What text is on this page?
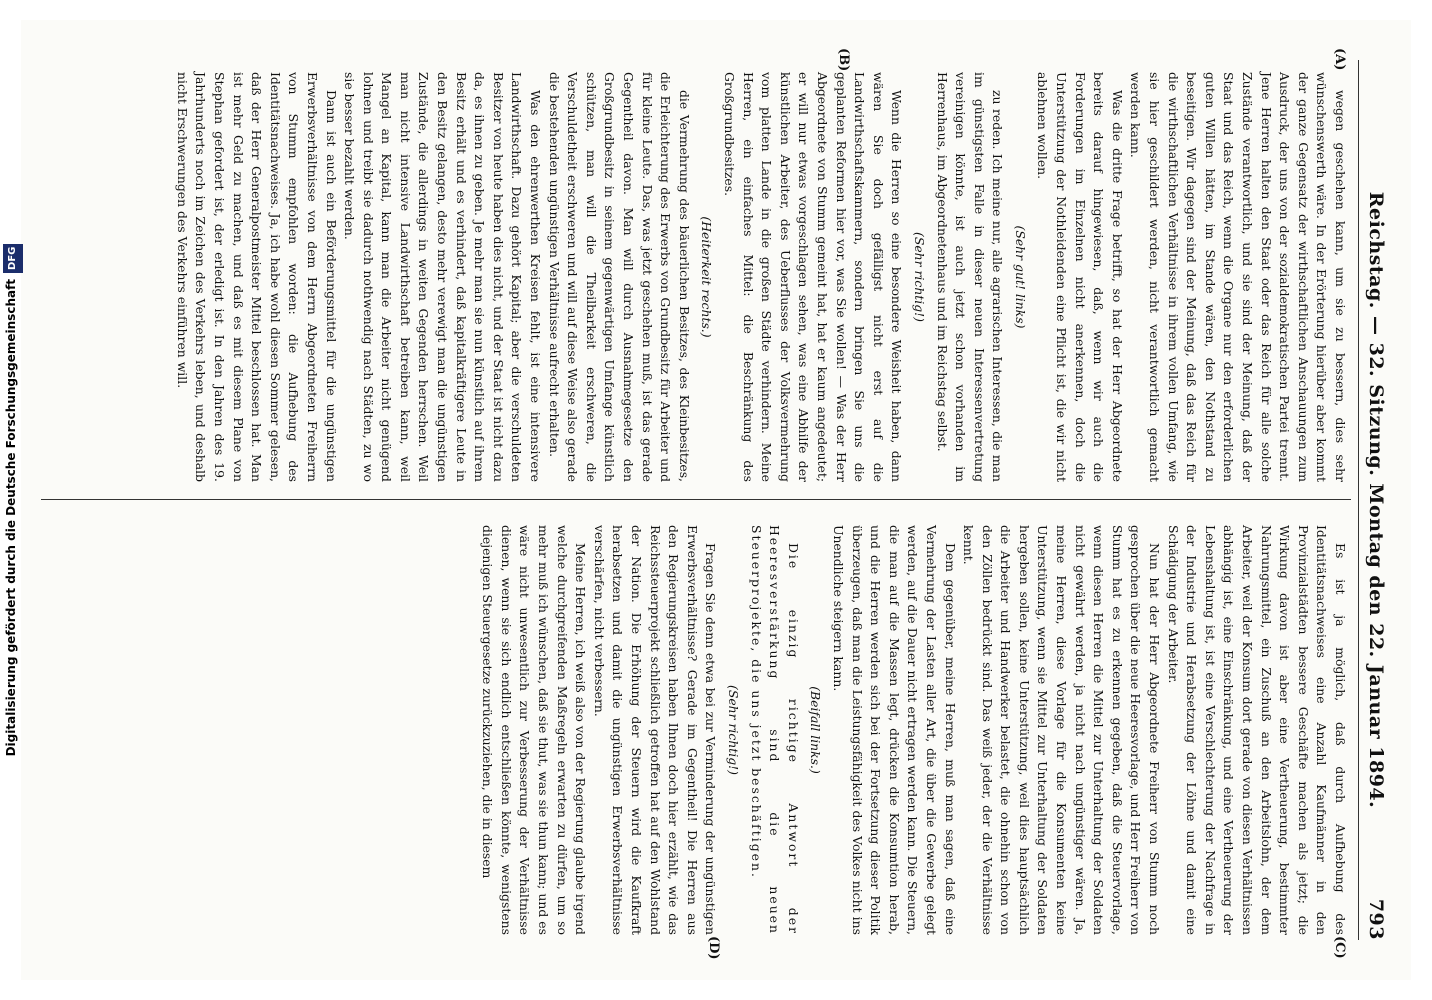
Reichstag. — 32. Sitzung. Montag den 22. Januar 1894.
793
(A)
(B)
(C)
(D)

wegen geschehen kann, um sie zu bessern, dies sehr wünschenswerth wäre. In der Erörterung hierüber aber kommt der ganze Gegensatz der wirthschaftlichen Anschauungen zum Ausdruck, der uns von der sozialdemokratischen Partei trennt. Jene Herren halten den Staat oder das Reich für alle solche Zustände verantwortlich, und sie sind der Meinung, daß der Staat und das Reich, wenn die Organe nur den erforderlichen guten Willen hätten, im Stande wären, den Nothstand zu beseitigen. Wir dagegen sind der Meinung, daß das Reich für die wirthschaftlichen Verhältnisse in ihrem vollen Umfang, wie sie hier geschildert werden, nicht verantwortlich gemacht werden kann.

Was die dritte Frage betrifft, so hat der Herr Abgeordnete bereits darauf hingewiesen, daß, wenn wir auch die Forderungen im Einzelnen nicht anerkennen, doch die Unterstützung der Nothleidenden eine Pflicht ist, die wir nicht ablehnen wollen.

(Sehr gut! links)

zu reden. Ich meine nur, alle agrarischen Interessen, die man im günstigsten Falle in dieser neuen Interessenvertretung vereinigen könnte, ist auch jetzt schon vorhanden im Herrenhaus, im Abgeordnetenhaus und im Reichstag selbst.

(Sehr richtig!)

Wenn die Herren so eine besondere Weisheit haben, dann wären Sie doch gefälligst nicht erst auf die Landwirthschaftskammern, sondern bringen Sie uns die geplanten Reformen hier vor, was Sie wollen! — Was der Herr Abgeordnete von Stumm gemeint hat, hat er kaum angedeutet; er will nur etwas vorgeschlagen sehen, was eine Abhilfe der künstlichen Arbeiter, des Ueberflusses der Volksvermehrung vom platten Lande in die großen Städte verhindern. Meine Herren, ein einfaches Mittel: die Beschränkung des Großgrundbesitzes.

(Heiterkeit rechts.)

die Vermehrung des bäuerlichen Besitzes, des Kleinbesitzes, die Erleichterung des Erwerbs von Grundbesitz für Arbeiter und für kleine Leute. Das, was jetzt geschehen muß, ist das gerade Gegentheil davon. Man will durch Ausnahmegesetze den Großgrundbesitz in seinem gegenwärtigen Umfange künstlich schützen, man will die Theilbarkeit erschweren, die Verschuldetheit erschweren und will auf diese Weise also gerade die bestehenden ungünstigen Verhältnisse aufrecht erhalten.

Was den ehrenwerthen Kreisen fehlt, ist eine intensivere Landwirthschaft. Dazu gehört Kapital; aber die verschuldeten Besitzer von heute haben dies nicht, und der Staat ist nicht dazu da, es ihnen zu geben. Je mehr man sie nun künstlich auf ihrem Besitz erhält und es verhindert, daß kapitalkräftigere Leute in den Besitz gelangen, desto mehr verewigt man die ungünstigen Zustände, die allerdings in weiten Gegenden herrschen. Weil man nicht intensive Landwirthschaft betreiben kann, weil Mangel an Kapital, kann man die Arbeiter nicht genügend lohnen und treibt sie dadurch nothwendig nach Städten, zu wo sie besser bezahlt werden.

Dann ist auch ein Beförderungsmittel für die ungünstigen Erwerbsverhältnisse von dem Herrn Abgeordneten Freiherrn von Stumm empfohlen worden: die Aufhebung des Identitätsnachweises. Ja, ich habe wohl diesen Sommer gelesen, daß der Herr Generalpostmeister Mittel beschlossen hat. Man ist mehr Geld zu machen, und daß es mit diesem Plane von Stephan gefordert ist, der erledigt ist. In den Jahren des 19. Jahrhunderts noch im Zeichen des Verkehrs leben, und deshalb nicht Erschwerungen des Verkehrs einführen will.

Es ist ja möglich, daß durch Aufhebung des Identitätsnachweises eine Anzahl Kaufmänner in den Provinzialstädten bessere Geschäfte machen als jetzt; die Wirkung davon ist aber eine Vertheuerung, bestimmter Nahrungsmittel, ein Zuschuß an den Arbeitslohn, der dem Arbeiter, weil der Konsum dort gerade von diesen Verhältnissen abhängig ist, eine Einschränkung, und eine Vertheuerung der Lebenshaltung ist, ist eine Verschlechterung der Nachfrage in der Industrie und Herabsetzung der Löhne und damit eine Schädigung der Arbeiter.

Nun hat der Herr Abgeordnete Freiherr von Stumm noch gesprochen über die neue Heeresvorlage, und Herr Freiherr von Stumm hat es zu erkennen gegeben, daß die Steuervorlage, wenn diesen Herren die Mittel zur Unterhaltung der Soldaten nicht gewährt werden, ja nicht nach ungünstiger wären. Ja, meine Herren, diese Vorlage für die Konsumenten keine Unterstützung, wenn sie Mittel zur Unterhaltung der Soldaten hergeben sollen, keine Unterstützung, weil dies hauptsächlich die Arbeiter und Handwerker belastet, die ohnehin schon von den Zöllen bedrückt sind. Das weiß jeder, der die Verhältnisse kennt.

Dem gegenüber, meine Herren, muß man sagen, daß eine Vermehrung der Lasten aller Art, die über die Gewerbe gelegt werden, auf die Dauer nicht ertragen werden kann. Die Steuern, die man auf die Massen legt, drücken die Konsumtion herab, und die Herren werden sich bei der Fortsetzung dieser Politik überzeugen, daß man die Leistungsfähigkeit des Volkes nicht ins Unendliche steigern kann.

(Beifall links.)

Die einzig richtige Antwort der Heeresverstärkung sind die neuen Steuerprojekte, die uns jetzt beschäftigen.

(Sehr richtig!)

Fragen Sie denn etwa bei zur Verminderung der ungünstigen Erwerbsverhältnisse? Gerade im Gegentheil! Die Herren aus den Regierungskreisen haben Ihnen doch hier erzählt, wie das Reichssteuerprojekt schließlich getroffen hat auf den Wohlstand der Nation. Die Erhöhung der Steuern wird die Kaufkraft herabsetzen und damit die ungünstigen Erwerbsverhältnisse verschärfen, nicht verbessern.

Meine Herren, ich weiß also von der Regierung glaube irgend welche durchgreifenden Maßregeln erwarten zu dürfen, um so mehr muß ich wünschen, daß sie thut, was sie thun kann; und es wäre nicht unwesentlich zur Verbesserung der Verhältnisse dienen, wenn sie sich endlich entschließen könnte, wenigstens diejenigen Steuergesetze zurückzuziehen, die in diesem

Digitalisierung gefördert durch die Deutsche ForschungsgemeinschaftDFG
